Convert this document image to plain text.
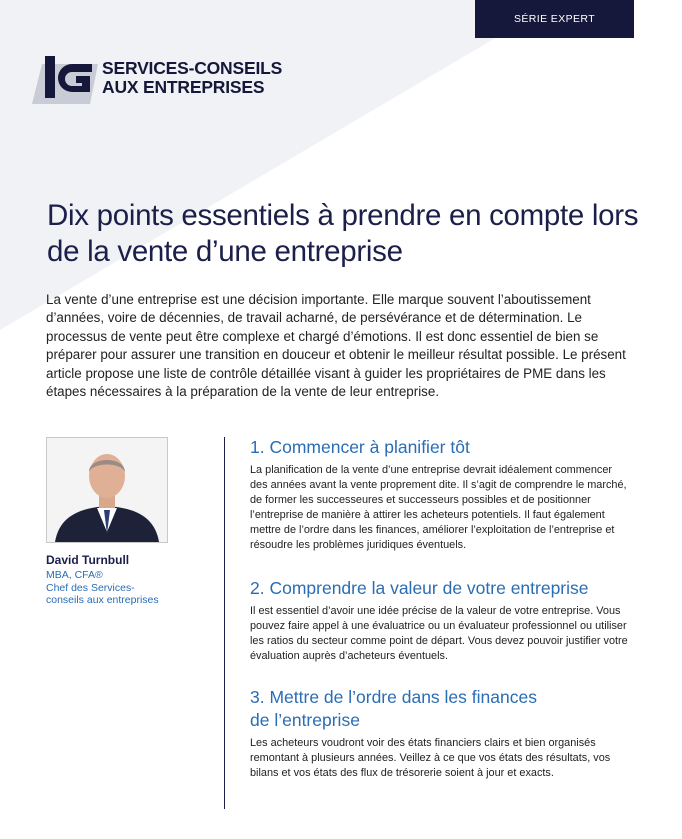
SÉRIE EXPERT
SERVICES-CONSEILS
AUX ENTREPRISES
Dix points essentiels à prendre en compte lors de la vente d’une entreprise

La vente d’une entreprise est une décision importante. Elle marque souvent l’aboutissement d’années, voire de décennies, de travail acharné, de persévérance et de détermination. Le processus de vente peut être complexe et chargé d’émotions. Il est donc essentiel de bien se préparer pour assurer une transition en douceur et obtenir le meilleur résultat possible. Le présent article propose une liste de contrôle détaillée visant à guider les propriétaires de PME dans les étapes nécessaires à la préparation de la vente de leur entreprise.

David Turnbull
MBA, CFA®
Chef des Services-
conseils aux entreprises
1. Commencer à planifier tôt

La planification de la vente d’une entreprise devrait idéalement commencer des années avant la vente proprement dite. Il s’agit de comprendre le marché, de former les successeures et successeurs possibles et de positionner l’entreprise de manière à attirer les acheteurs potentiels. Il faut également mettre de l’ordre dans les finances, améliorer l’exploitation de l’entreprise et résoudre les problèmes juridiques éventuels.

2. Comprendre la valeur de votre entreprise

Il est essentiel d’avoir une idée précise de la valeur de votre entreprise. Vous pouvez faire appel à une évaluatrice ou un évaluateur professionnel ou utiliser les ratios du secteur comme point de départ. Vous devez pouvoir justifier votre évaluation auprès d’acheteurs éventuels.

3. Mettre de l’ordre dans les finances
de l’entreprise

Les acheteurs voudront voir des états financiers clairs et bien organisés remontant à plusieurs années. Veillez à ce que vos états des résultats, vos bilans et vos états des flux de trésorerie soient à jour et exacts.
